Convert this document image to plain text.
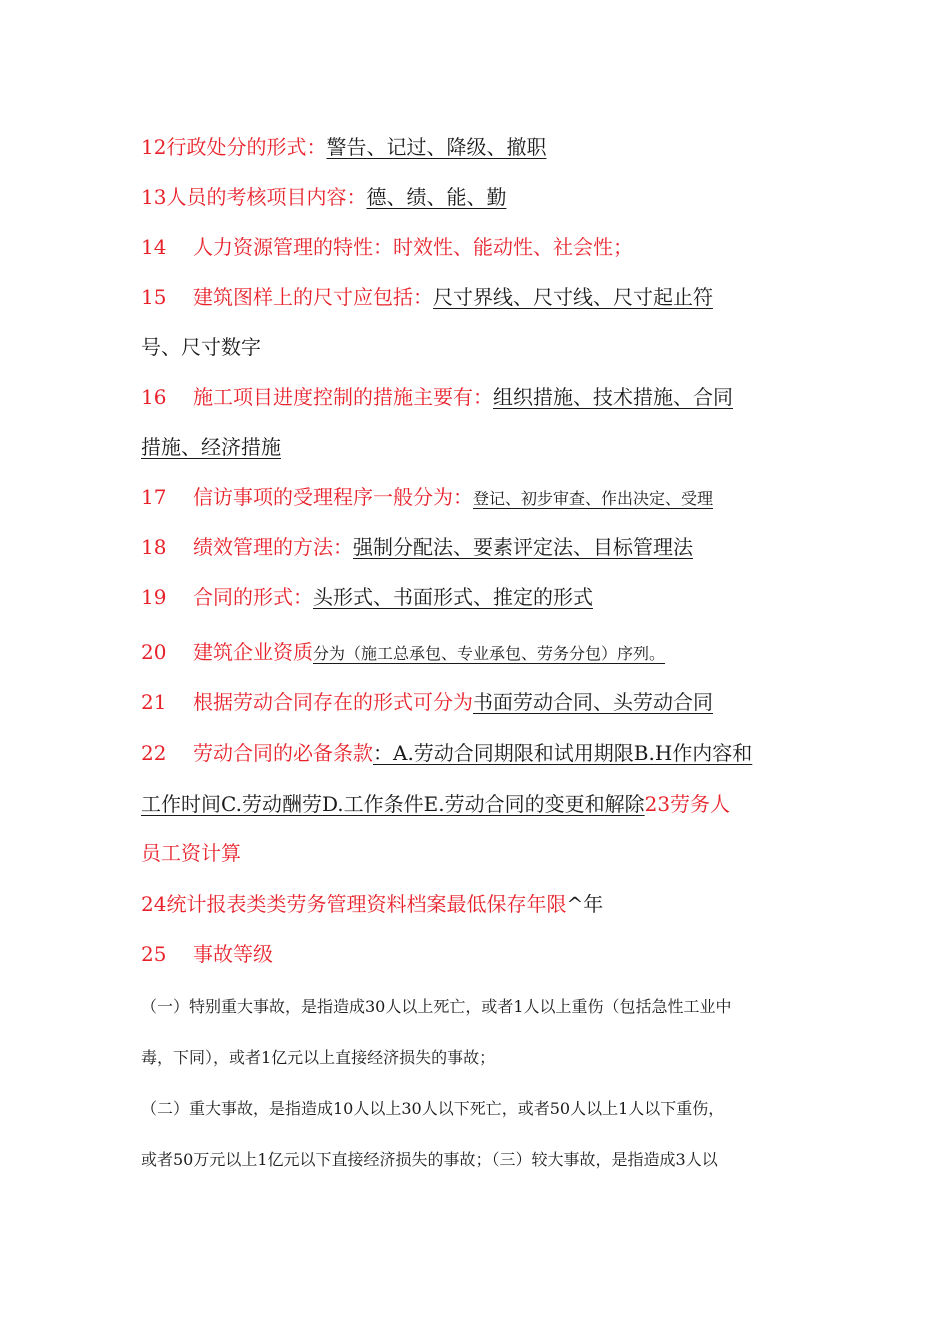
12行政处分的形式：警告、记过、降级、撤职
13人员的考核项目内容：德、绩、能、勤
14 人力资源管理的特性：时效性、能动性、社会性；
15 建筑图样上的尺寸应包括：尺寸界线、尺寸线、尺寸起止符
号、尺寸数字
16 施工项目进度控制的措施主要有：组织措施、技术措施、合同
措施、经济措施
17 信访事项的受理程序一般分为：登记、初步审查、作出决定、受理
18 绩效管理的方法：强制分配法、要素评定法、目标管理法
19 合同的形式：头形式、书面形式、推定的形式
20 建筑企业资质分为（施工总承包、专业承包、劳务分包）序列。
21 根据劳动合同存在的形式可分为书面劳动合同、头劳动合同
22 劳动合同的必备条款：A.劳动合同期限和试用期限B.H作内容和
工作时间C.劳动酬劳D.工作条件E.劳动合同的变更和解除23劳务人
员工资计算
24统计报表类类劳务管理资料档案最低保存年限^年
25 事故等级
（一）特别重大事故，是指造成30人以上死亡，或者1人以上重伤（包括急性工业中
毒，下同），或者1亿元以上直接经济损失的事故；
（二）重大事故，是指造成10人以上30人以下死亡，或者50人以上1人以下重伤，
或者50万元以上1亿元以下直接经济损失的事故；（三）较大事故，是指造成3人以
